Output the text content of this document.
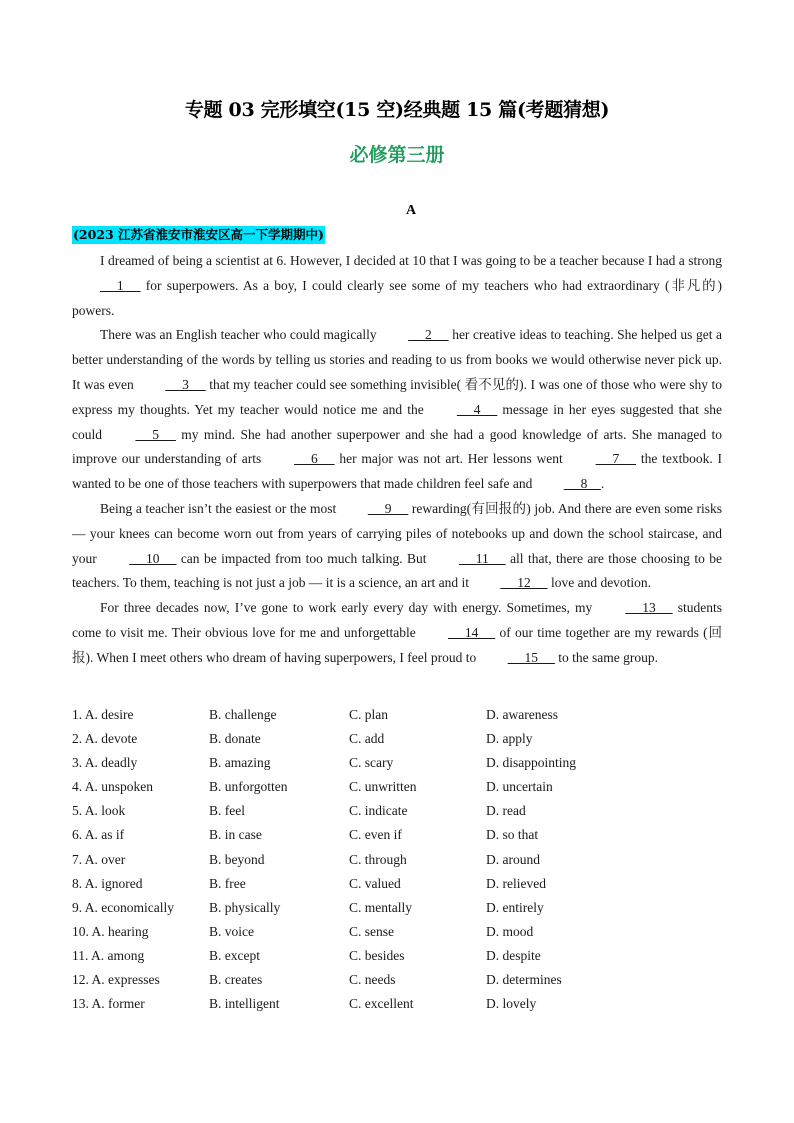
专题 03 完形填空(15 空)经典题 15 篇(考题猜想)
必修第三册
A
(2023 江苏省淮安市淮安区高一下学期期中)

I dreamed of being a scientist at 6. However, I decided at 10 that I was going to be a teacher because I had a strong      1      for superpowers. As a boy, I could clearly see some of my teachers who had extraordinary (非凡的) powers.

There was an English teacher who could magically      2      her creative ideas to teaching. She helped us get a better understanding of the words by telling us stories and reading to us from books we would otherwise never pick up. It was even      3      that my teacher could see something invisible( 看不见的). I was one of those who were shy to express my thoughts. Yet my teacher would notice me and the      4      message in her eyes suggested that she could      5      my mind. She had another superpower and she had a good knowledge of arts. She managed to improve our understanding of arts      6      her major was not art. Her lessons went      7      the textbook. I wanted to be one of those teachers with superpowers that made children feel safe and      8    .

Being a teacher isn’t the easiest or the most      9      rewarding(有回报的) job. And there are even some risks — your knees can become worn out from years of carrying piles of notebooks up and down the school staircase, and your      10      can be impacted from too much talking. But      11      all that, there are those choosing to be teachers. To them, teaching is not just a job — it is a science, an art and it      12      love and devotion.

For three decades now, I’ve gone to work early every day with energy. Sometimes, my      13      students come to visit me. Their obvious love for me and unforgettable      14      of our time together are my rewards (回报). When I meet others who dream of having superpowers, I feel proud to      15      to the same group.

1. A. desire	B. challenge	C. plan	D. awareness
2. A. devote	B. donate	C. add	D. apply
3. A. deadly	B. amazing	C. scary	D. disappointing
4. A. unspoken	B. unforgotten	C. unwritten	D. uncertain
5. A. look	B. feel	C. indicate	D. read
6. A. as if	B. in case	C. even if	D. so that
7. A. over	B. beyond	C. through	D. around
8. A. ignored	B. free	C. valued	D. relieved
9. A. economically	B. physically	C. mentally	D. entirely
10. A. hearing	B. voice	C. sense	D. mood
11. A. among	B. except	C. besides	D. despite
12. A. expresses	B. creates	C. needs	D. determines
13. A. former	B. intelligent	C. excellent	D. lovely
